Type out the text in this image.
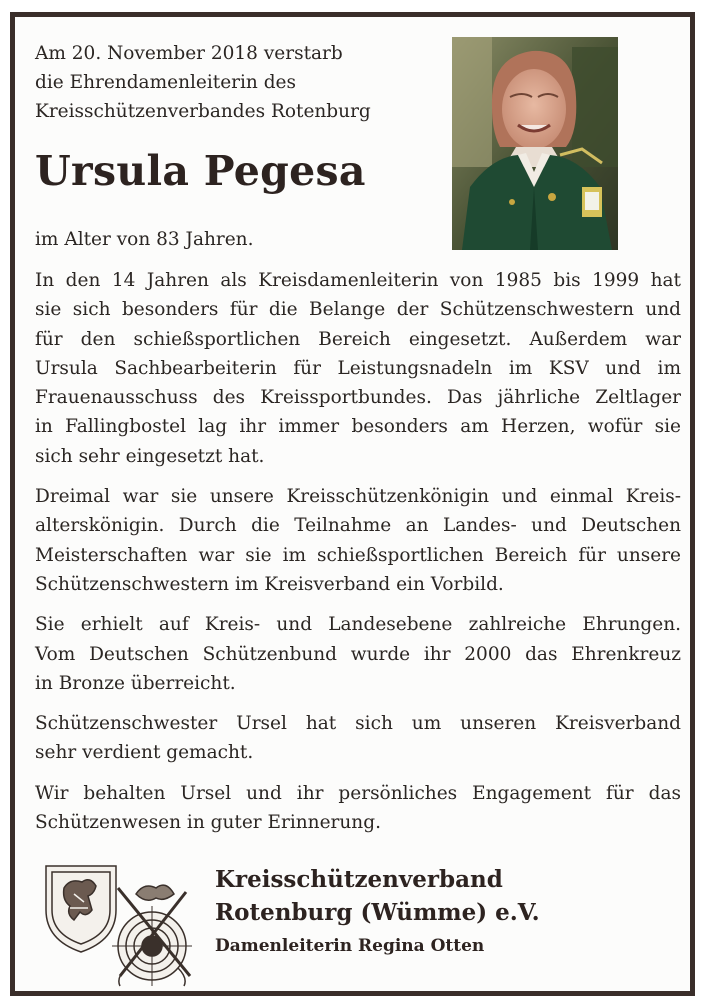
Am 20. November 2018 verstarb
die Ehrendamenleiterin des
Kreisschützenverbandes Rotenburg
Ursula Pegesa
im Alter von 83 Jahren.
In den 14 Jahren als Kreisdamenleiterin von 1985 bis 1999 hat
sie sich besonders für die Belange der Schützenschwestern und
für den schießsportlichen Bereich eingesetzt. Außerdem war
Ursula Sachbearbeiterin für Leistungsnadeln im KSV und im
Frauenausschuss des Kreissportbundes. Das jährliche Zeltlager
in Fallingbostel lag ihr immer besonders am Herzen, wofür sie
sich sehr eingesetzt hat.
Dreimal war sie unsere Kreisschützenkönigin und einmal Kreis-
alterskönigin. Durch die Teilnahme an Landes- und Deutschen
Meisterschaften war sie im schießsportlichen Bereich für unsere
Schützenschwestern im Kreisverband ein Vorbild.
Sie erhielt auf Kreis- und Landesebene zahlreiche Ehrungen.
Vom Deutschen Schützenbund wurde ihr 2000 das Ehrenkreuz
in Bronze überreicht.
Schützenschwester Ursel hat sich um unseren Kreisverband
sehr verdient gemacht.
Wir behalten Ursel und ihr persönliches Engagement für das
Schützenwesen in guter Erinnerung.
Kreisschützenverband
Rotenburg (Wümme) e.V.
Damenleiterin Regina Otten
